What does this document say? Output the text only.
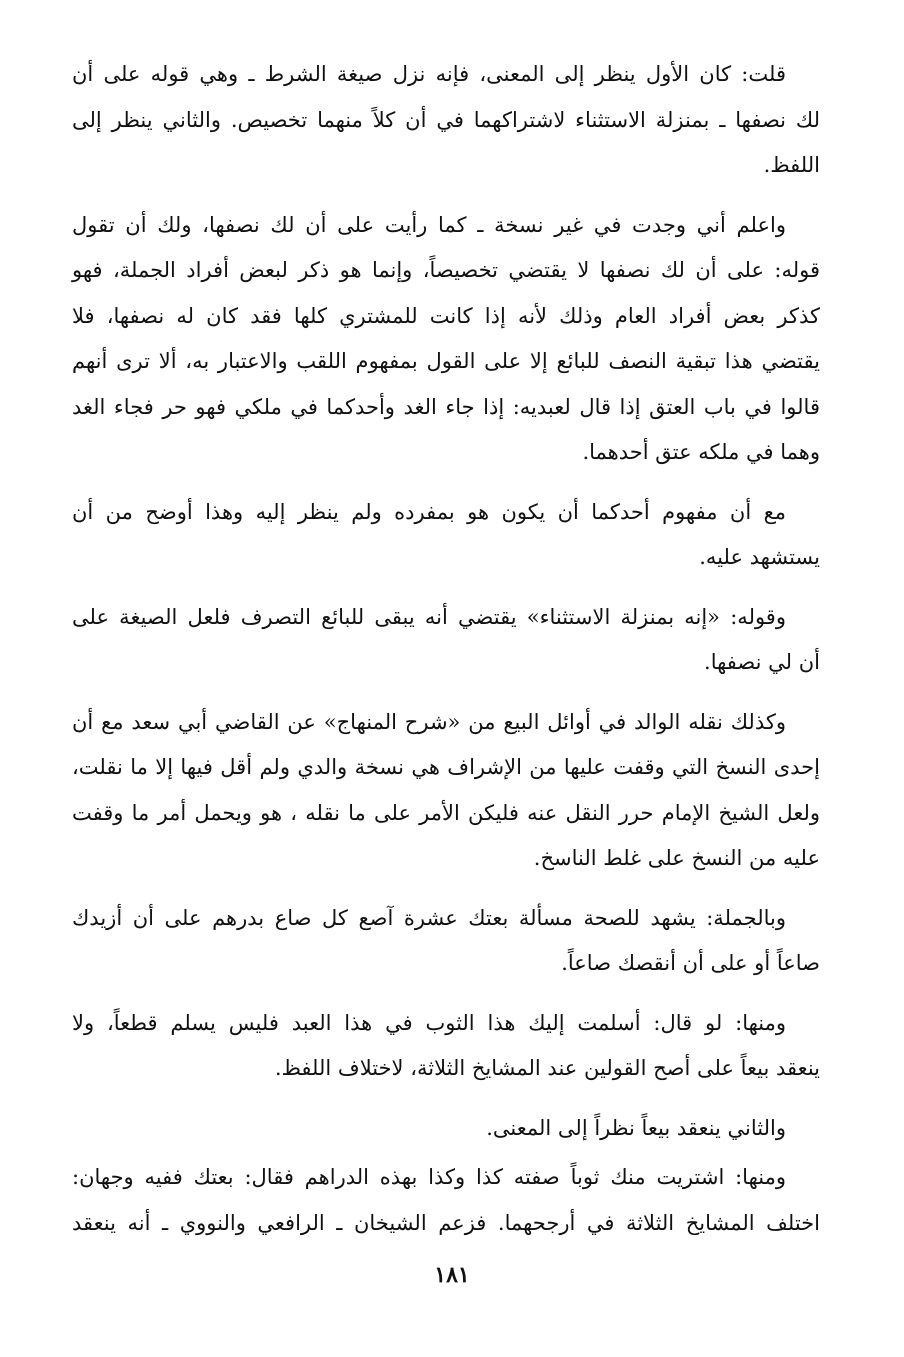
قلت: كان الأول ينظر إلى المعنى، فإنه نزل صيغة الشرط ـ وهي قوله على أن
لك نصفها ـ بمنزلة الاستثناء لاشتراكهما في أن كلاً منهما تخصيص. والثاني ينظر إلى
اللفظ.
واعلم أني وجدت في غير نسخة ـ كما رأيت على أن لك نصفها، ولك أن تقول
قوله: على أن لك نصفها لا يقتضي تخصيصاً، وإنما هو ذكر لبعض أفراد الجملة، فهو
كذكر بعض أفراد العام وذلك لأنه إذا كانت للمشتري كلها فقد كان له نصفها، فلا
يقتضي هذا تبقية النصف للبائع إلا على القول بمفهوم اللقب والاعتبار به، ألا ترى أنهم
قالوا في باب العتق إذا قال لعبديه: إذا جاء الغد وأحدكما في ملكي فهو حر فجاء الغد
وهما في ملكه عتق أحدهما.
مع أن مفهوم أحدكما أن يكون هو بمفرده ولم ينظر إليه وهذا أوضح من أن
يستشهد عليه.
وقوله: «إنه بمنزلة الاستثناء» يقتضي أنه يبقى للبائع التصرف فلعل الصيغة على
أن لي نصفها.
وكذلك نقله الوالد في أوائل البيع من «شرح المنهاج» عن القاضي أبي سعد مع أن
إحدى النسخ التي وقفت عليها من الإشراف هي نسخة والدي ولم أقل فيها إلا ما نقلت،
ولعل الشيخ الإمام حرر النقل عنه فليكن الأمر على ما نقله ، هو ويحمل أمر ما وقفت
عليه من النسخ على غلط الناسخ.
وبالجملة: يشهد للصحة مسألة بعتك عشرة آصع كل صاع بدرهم على أن أزيدك
صاعاً أو على أن أنقصك صاعاً.
ومنها: لو قال: أسلمت إليك هذا الثوب في هذا العبد فليس يسلم قطعاً، ولا
ينعقد بيعاً على أصح القولين عند المشايخ الثلاثة، لاختلاف اللفظ.
والثاني ينعقد بيعاً نظراً إلى المعنى.
ومنها: اشتريت منك ثوباً صفته كذا وكذا بهذه الدراهم فقال: بعتك ففيه وجهان:
اختلف المشايخ الثلاثة في أرجحهما. فزعم الشيخان ـ الرافعي والنووي ـ أنه ينعقد
١٨١
